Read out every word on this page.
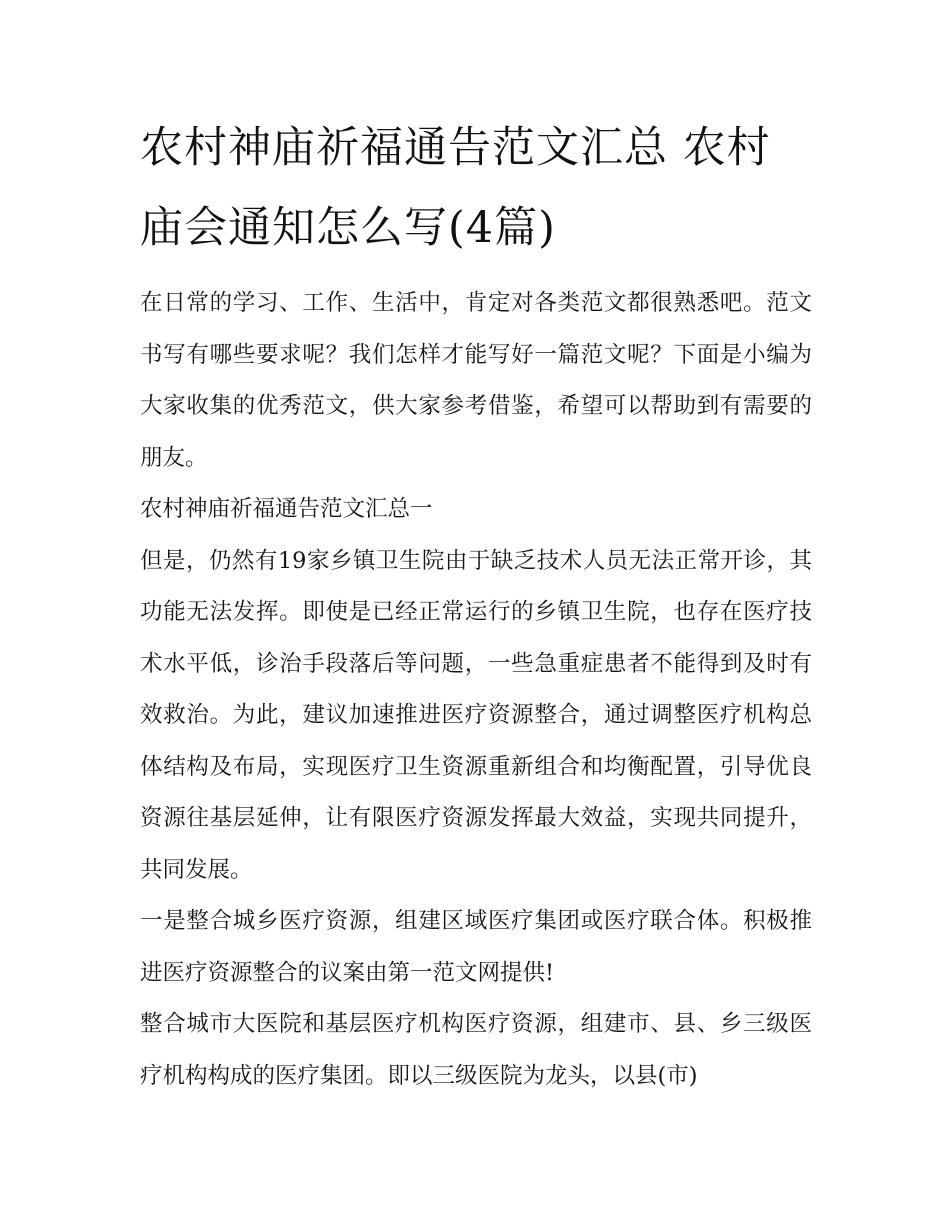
农村神庙祈福通告范文汇总 农村庙会通知怎么写(4篇)

在日常的学习、工作、生活中，肯定对各类范文都很熟悉吧。范文书写有哪些要求呢？我们怎样才能写好一篇范文呢？下面是小编为大家收集的优秀范文，供大家参考借鉴，希望可以帮助到有需要的朋友。

农村神庙祈福通告范文汇总一

但是，仍然有19家乡镇卫生院由于缺乏技术人员无法正常开诊，其功能无法发挥。即使是已经正常运行的乡镇卫生院，也存在医疗技术水平低，诊治手段落后等问题，一些急重症患者不能得到及时有效救治。为此，建议加速推进医疗资源整合，通过调整医疗机构总体结构及布局，实现医疗卫生资源重新组合和均衡配置，引导优良资源往基层延伸，让有限医疗资源发挥最大效益，实现共同提升，共同发展。

一是整合城乡医疗资源，组建区域医疗集团或医疗联合体。积极推进医疗资源整合的议案由第一范文网提供!

整合城市大医院和基层医疗机构医疗资源，组建市、县、乡三级医疗机构构成的医疗集团。即以三级医院为龙头，以县(市)
